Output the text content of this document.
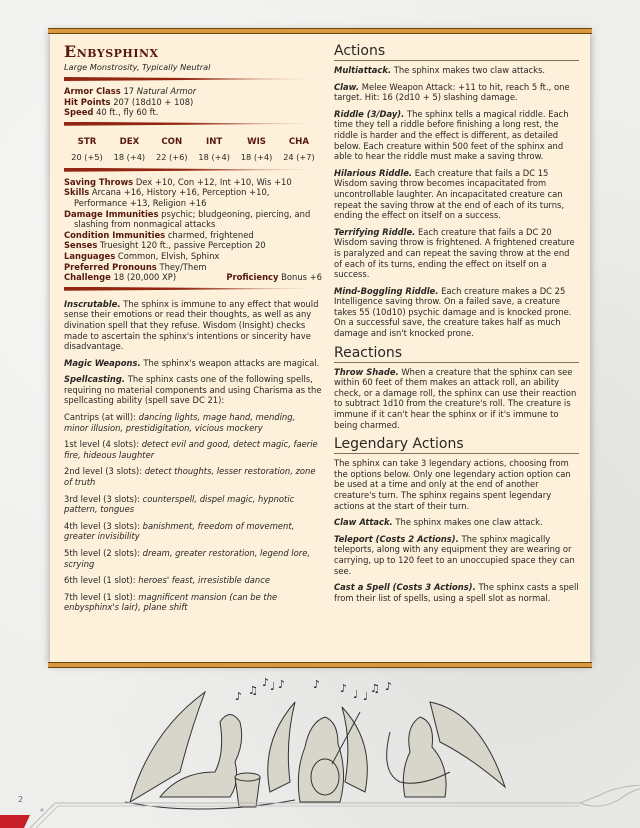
Enbysphinx
Large Monstrosity, Typically Neutral
Armor Class 17 Natural Armor
Hit Points 207 (18d10 + 108)
Speed 40 ft., fly 60 ft.
STR
20 (+5)
DEX
18 (+4)
CON
22 (+6)
INT
18 (+4)
WIS
18 (+4)
CHA
24 (+7)
Saving Throws Dex +10, Con +12, Int +10, Wis +10
Skills Arcana +16, History +16, Perception +10, Performance +13, Religion +16
Damage Immunities psychic; bludgeoning, piercing, and slashing from nonmagical attacks
Condition Immunities charmed, frightened
Senses Truesight 120 ft., passive Perception 20
Languages Common, Elvish, Sphinx
Preferred Pronouns They/Them
Challenge 18 (20,000 XP)	Proficiency Bonus +6

Inscrutable. The sphinx is immune to any effect that would sense their emotions or read their thoughts, as well as any divination spell that they refuse. Wisdom (Insight) checks made to ascertain the sphinx's intentions or sincerity have disadvantage.

Magic Weapons. The sphinx's weapon attacks are magical.

Spellcasting. The sphinx casts one of the following spells, requiring no material components and using Charisma as the spellcasting ability (spell save DC 21):

Cantrips (at will): dancing lights, mage hand, mending, minor illusion, prestidigitation, vicious mockery

1st level (4 slots): detect evil and good, detect magic, faerie fire, hideous laughter

2nd level (3 slots): detect thoughts, lesser restoration, zone of truth

3rd level (3 slots): counterspell, dispel magic, hypnotic pattern, tongues

4th level (3 slots): banishment, freedom of movement, greater invisibility

5th level (2 slots): dream, greater restoration, legend lore, scrying

6th level (1 slot): heroes' feast, irresistible dance

7th level (1 slot): magnificent mansion (can be the enbysphinx's lair), plane shift

Actions

Multiattack. The sphinx makes two claw attacks.

Claw. Melee Weapon Attack: +11 to hit, reach 5 ft., one target. Hit: 16 (2d10 + 5) slashing damage.

Riddle (3/Day). The sphinx tells a magical riddle. Each time they tell a riddle before finishing a long rest, the riddle is harder and the effect is different, as detailed below. Each creature within 500 feet of the sphinx and able to hear the riddle must make a saving throw.

Hilarious Riddle. Each creature that fails a DC 15 Wisdom saving throw becomes incapacitated from uncontrollable laughter. An incapacitated creature can repeat the saving throw at the end of each of its turns, ending the effect on itself on a success.

Terrifying Riddle. Each creature that fails a DC 20 Wisdom saving throw is frightened. A frightened creature is paralyzed and can repeat the saving throw at the end of each of its turns, ending the effect on itself on a success.

Mind-Boggling Riddle. Each creature makes a DC 25 Intelligence saving throw. On a failed save, a creature takes 55 (10d10) psychic damage and is knocked prone. On a successful save, the creature takes half as much damage and isn't knocked prone.

Reactions

Throw Shade. When a creature that the sphinx can see within 60 feet of them makes an attack roll, an ability check, or a damage roll, the sphinx can use their reaction to subtract 1d10 from the creature's roll. The creature is immune if it can't hear the sphinx or if it's immune to being charmed.

Legendary Actions

The sphinx can take 3 legendary actions, choosing from the options below. Only one legendary action option can be used at a time and only at the end of another creature's turn. The sphinx regains spent legendary actions at the start of their turn.

Claw Attack. The sphinx makes one claw attack.

Teleport (Costs 2 Actions). The sphinx magically teleports, along with any equipment they are wearing or carrying, up to 120 feet to an unoccupied space they can see.

Cast a Spell (Costs 3 Actions). The sphinx casts a spell from their list of spells, using a spell slot as normal.

♪ ♫
♪ ♩ ♪	♪ ♪ ♩ ♩
♫ ♪
2
